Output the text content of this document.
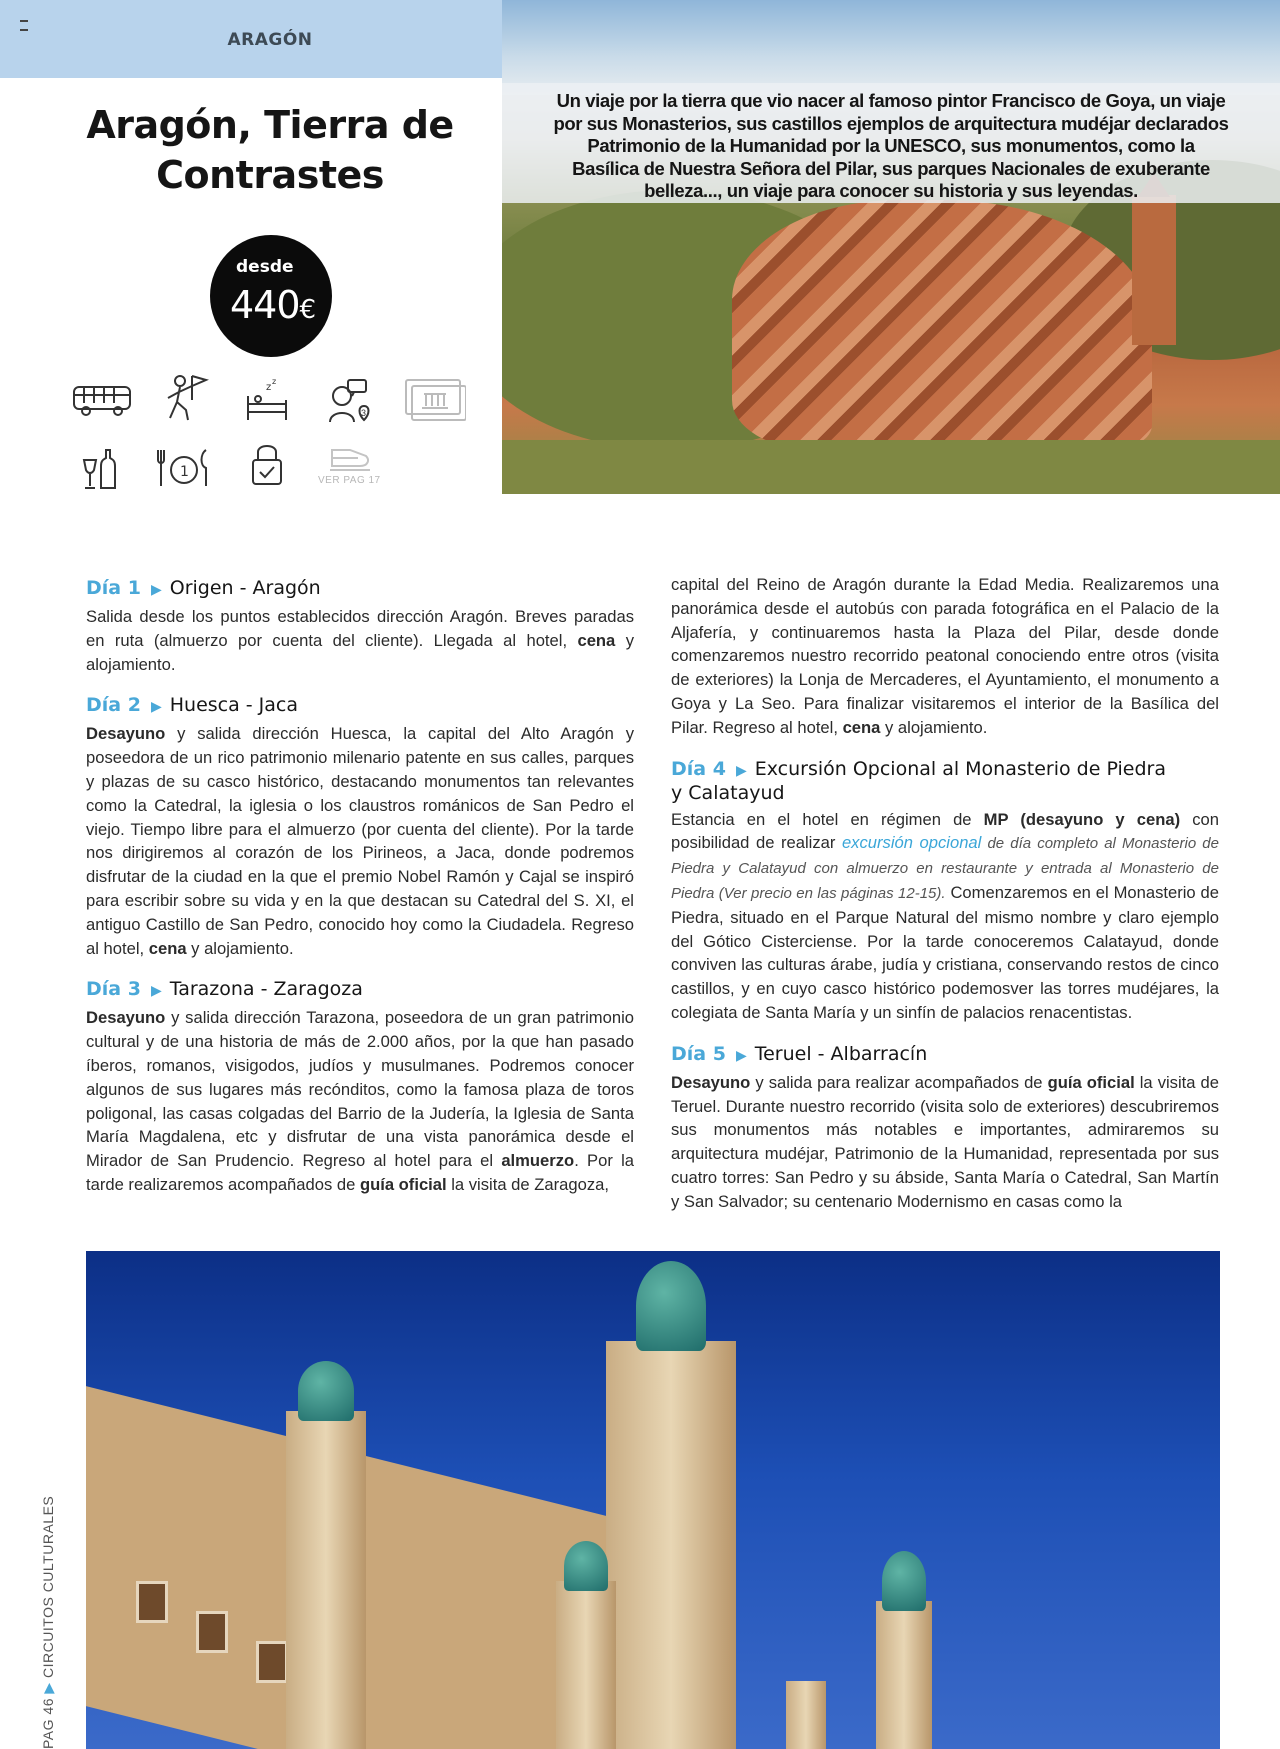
ARAGÓN

Un viaje por la tierra que vio nacer al famoso pintor Francisco de Goya, un viaje por sus Monasterios, sus castillos ejemplos de arquitectura mudéjar declarados Patrimonio de la Humanidad por la UNESCO, sus monumentos, como la Basílica de Nuestra Señora del Pilar, sus parques Nacionales de exuberante belleza..., un viaje para conocer su historia y sus leyendas.

Aragón, Tierra de
Contrastes
desde
440€
z
z
3
1
VER PAG 17
Día 1 ▶ Origen - Aragón

Salida desde los puntos establecidos dirección Aragón. Breves paradas en ruta (almuerzo por cuenta del cliente). Llegada al hotel, cena y alojamiento.

Día 2 ▶ Huesca - Jaca

Desayuno y salida dirección Huesca, la capital del Alto Aragón y poseedora de un rico patrimonio milenario patente en sus calles, parques y plazas de su casco histórico, destacando monumentos tan relevantes como la Catedral, la iglesia o los claustros románicos de San Pedro el viejo. Tiempo libre para el almuerzo (por cuenta del cliente). Por la tarde nos dirigiremos al corazón de los Pirineos, a Jaca, donde podremos disfrutar de la ciudad en la que el premio Nobel Ramón y Cajal se inspiró para escribir sobre su vida y en la que destacan su Catedral del S. XI, el antiguo Castillo de San Pedro, conocido hoy como la Ciudadela. Regreso al hotel, cena y alojamiento.

Día 3 ▶ Tarazona - Zaragoza

Desayuno y salida dirección Tarazona, poseedora de un gran patrimonio cultural y de una historia de más de 2.000 años, por la que han pasado íberos, romanos, visigodos, judíos y musulmanes. Podremos conocer algunos de sus lugares más recónditos, como la famosa plaza de toros poligonal, las casas colgadas del Barrio de la Judería, la Iglesia de Santa María Magdalena, etc y disfrutar de una vista panorámica desde el Mirador de San Prudencio. Regreso al hotel para el almuerzo. Por la tarde realizaremos acompañados de guía oficial la visita de Zaragoza,

capital del Reino de Aragón durante la Edad Media. Realizaremos una panorámica desde el autobús con parada fotográfica en el Palacio de la Aljafería, y continuaremos hasta la Plaza del Pilar, desde donde comenzaremos nuestro recorrido peatonal conociendo entre otros (visita de exteriores) la Lonja de Mercaderes, el Ayuntamiento, el monumento a Goya y La Seo. Para finalizar visitaremos el interior de la Basílica del Pilar. Regreso al hotel, cena y alojamiento.

Día 4 ▶ Excursión Opcional al Monasterio de Piedra
y Calatayud

Estancia en el hotel en régimen de MP (desayuno y cena) con posibilidad de realizar excursión opcional de día completo al Monasterio de Piedra y Calatayud con almuerzo en restaurante y entrada al Monasterio de Piedra (Ver precio en las páginas 12-15). Comenzaremos en el Monasterio de Piedra, situado en el Parque Natural del mismo nombre y claro ejemplo del Gótico Cisterciense. Por la tarde conoceremos Calatayud, donde conviven las culturas árabe, judía y cristiana, conservando restos de cinco castillos, y en cuyo casco histórico podemosver las torres mudéjares, la colegiata de Santa María y un sinfín de palacios renacentistas.

Día 5 ▶ Teruel - Albarracín

Desayuno y salida para realizar acompañados de guía oficial la visita de Teruel. Durante nuestro recorrido (visita solo de exteriores) descubriremos sus monumentos más notables e importantes, admiraremos su arquitectura mudéjar, Patrimonio de la Humanidad, representada por sus cuatro torres: San Pedro y su ábside, Santa María o Catedral, San Martín y San Salvador; su centenario Modernismo en casas como la

PAG 46 ▶ CIRCUITOS CULTURALES
